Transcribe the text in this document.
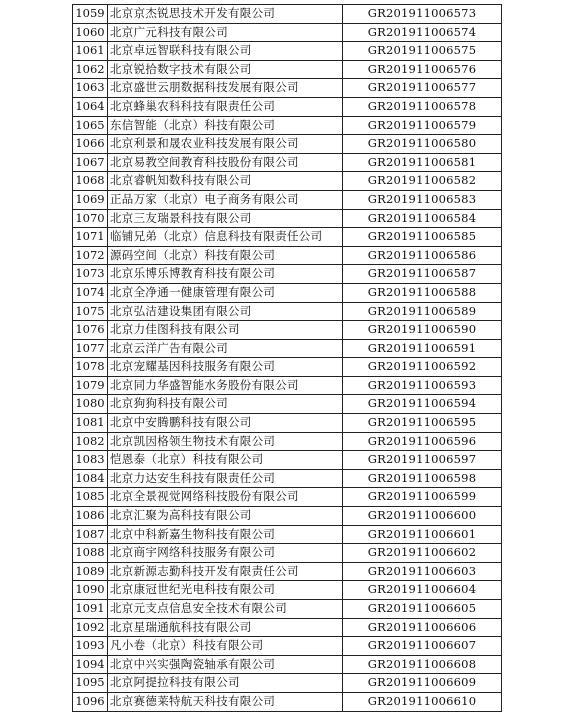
1059	北京京杰锐思技术开发有限公司	GR201911006573
1060	北京广元科技有限公司	GR201911006574
1061	北京卓远智联科技有限公司	GR201911006575
1062	北京锐拾数字技术有限公司	GR201911006576
1063	北京盛世云朋数据科技发展有限公司	GR201911006577
1064	北京蜂巢农科科技有限责任公司	GR201911006578
1065	东信智能（北京）科技有限公司	GR201911006579
1066	北京利景和晟农业科技发展有限公司	GR201911006580
1067	北京易教空间教育科技股份有限公司	GR201911006581
1068	北京睿帆知数科技有限公司	GR201911006582
1069	正品万家（北京）电子商务有限公司	GR201911006583
1070	北京三友瑞景科技有限公司	GR201911006584
1071	临铺兄弟（北京）信息科技有限责任公司	GR201911006585
1072	源码空间（北京）科技有限公司	GR201911006586
1073	北京乐博乐博教育科技有限公司	GR201911006587
1074	北京全净通一健康管理有限公司	GR201911006588
1075	北京弘洁建设集团有限公司	GR201911006589
1076	北京力佳图科技有限公司	GR201911006590
1077	北京云洋广告有限公司	GR201911006591
1078	北京宠耀基因科技服务有限公司	GR201911006592
1079	北京同力华盛智能水务股份有限公司	GR201911006593
1080	北京狗狗科技有限公司	GR201911006594
1081	北京中安腾鹏科技有限公司	GR201911006595
1082	北京凯因格领生物技术有限公司	GR201911006596
1083	恺恩泰（北京）科技有限公司	GR201911006597
1084	北京力达安生科技有限责任公司	GR201911006598
1085	北京全景视觉网络科技股份有限公司	GR201911006599
1086	北京汇聚为高科技有限公司	GR201911006600
1087	北京中科新嘉生物科技有限公司	GR201911006601
1088	北京商宇网络科技服务有限公司	GR201911006602
1089	北京新源志勤科技开发有限责任公司	GR201911006603
1090	北京康冠世纪光电科技有限公司	GR201911006604
1091	北京元支点信息安全技术有限公司	GR201911006605
1092	北京星瑞通航科技有限公司	GR201911006606
1093	凡小卷（北京）科技有限公司	GR201911006607
1094	北京中兴实强陶瓷轴承有限公司	GR201911006608
1095	北京阿提拉科技有限公司	GR201911006609
1096	北京赛德莱特航天科技有限公司	GR201911006610
